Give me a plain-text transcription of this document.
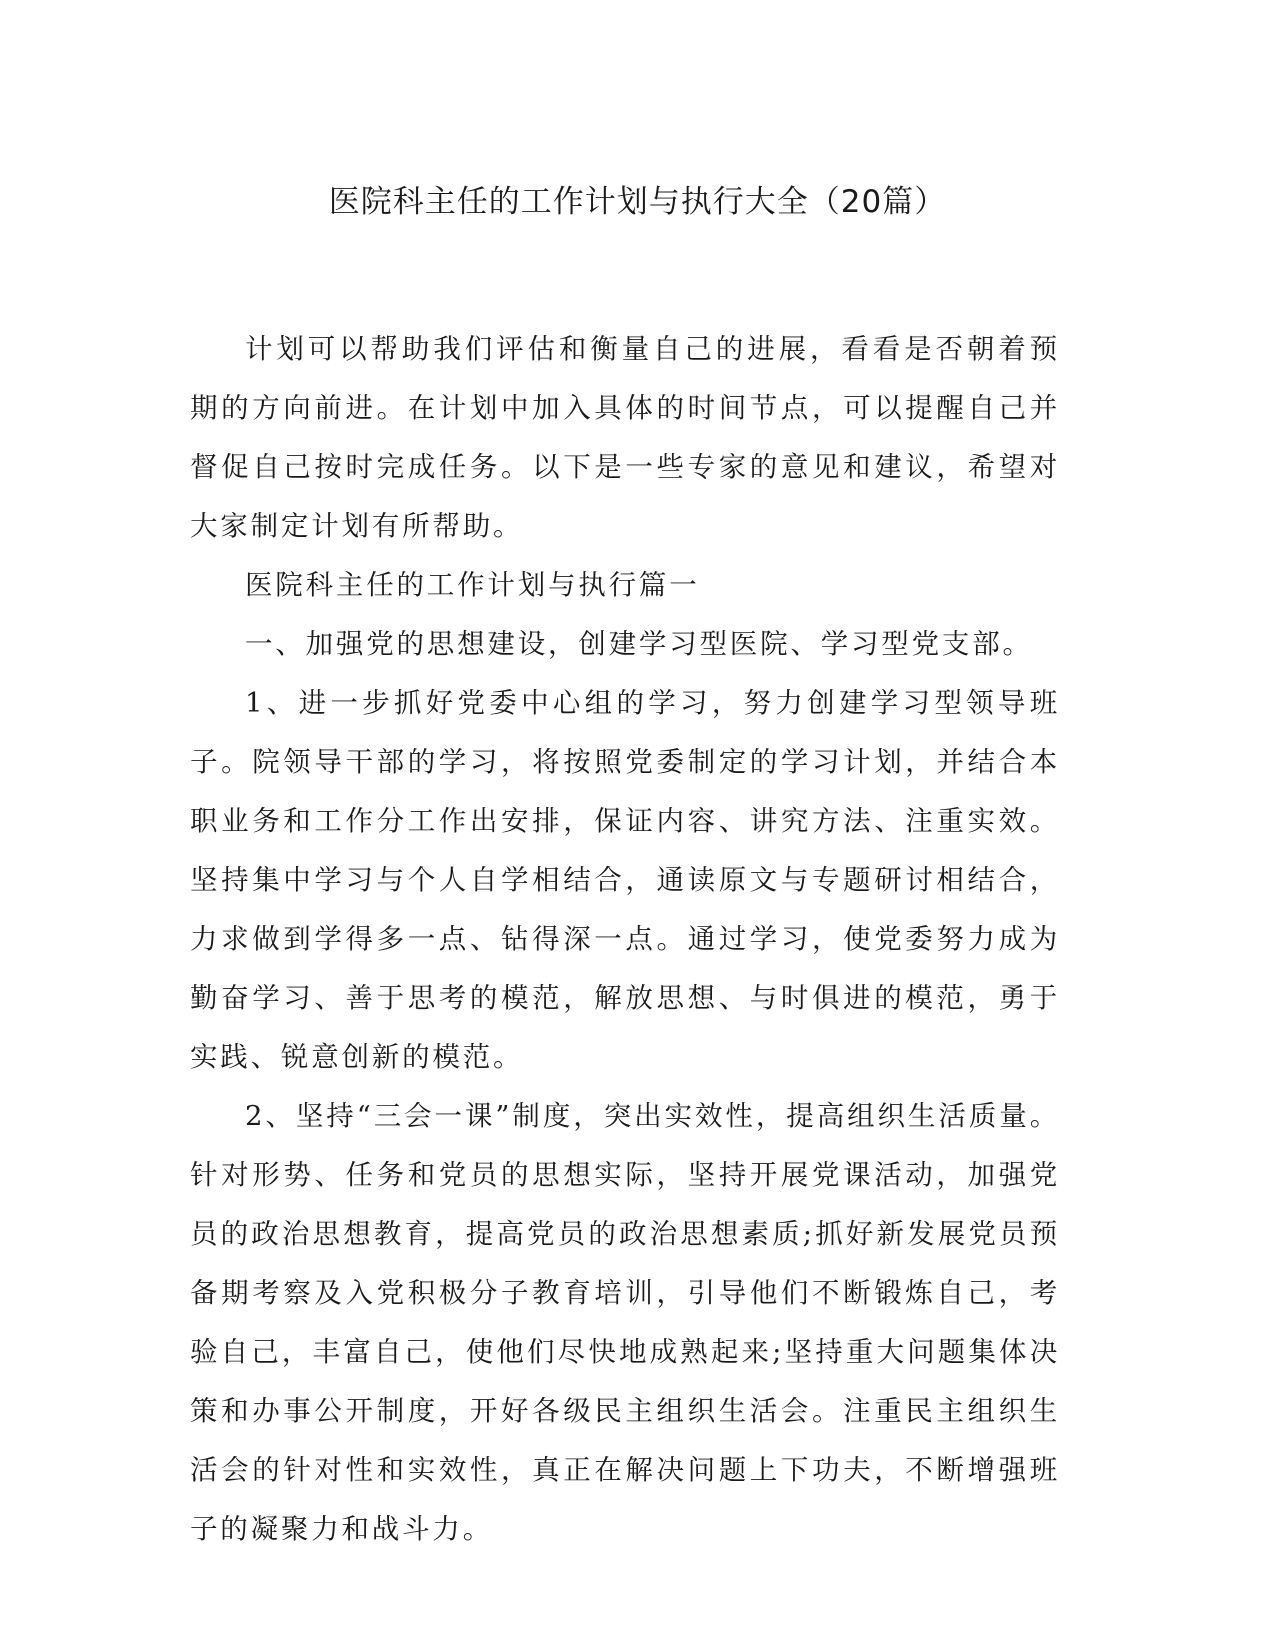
医院科主任的工作计划与执行大全（20篇）

计划可以帮助我们评估和衡量自己的进展，看看是否朝着预期的方向前进。在计划中加入具体的时间节点，可以提醒自己并督促自己按时完成任务。以下是一些专家的意见和建议，希望对大家制定计划有所帮助。

医院科主任的工作计划与执行篇一

一、加强党的思想建设，创建学习型医院、学习型党支部。

1、进一步抓好党委中心组的学习，努力创建学习型领导班子。院领导干部的学习，将按照党委制定的学习计划，并结合本职业务和工作分工作出安排，保证内容、讲究方法、注重实效。坚持集中学习与个人自学相结合，通读原文与专题研讨相结合，力求做到学得多一点、钻得深一点。通过学习，使党委努力成为勤奋学习、善于思考的模范，解放思想、与时俱进的模范，勇于实践、锐意创新的模范。

2、坚持“三会一课”制度，突出实效性，提高组织生活质量。针对形势、任务和党员的思想实际，坚持开展党课活动，加强党员的政治思想教育，提高党员的政治思想素质;抓好新发展党员预备期考察及入党积极分子教育培训，引导他们不断锻炼自己，考验自己，丰富自己，使他们尽快地成熟起来;坚持重大问题集体决策和办事公开制度，开好各级民主组织生活会。注重民主组织生活会的针对性和实效性，真正在解决问题上下功夫，不断增强班子的凝聚力和战斗力。
